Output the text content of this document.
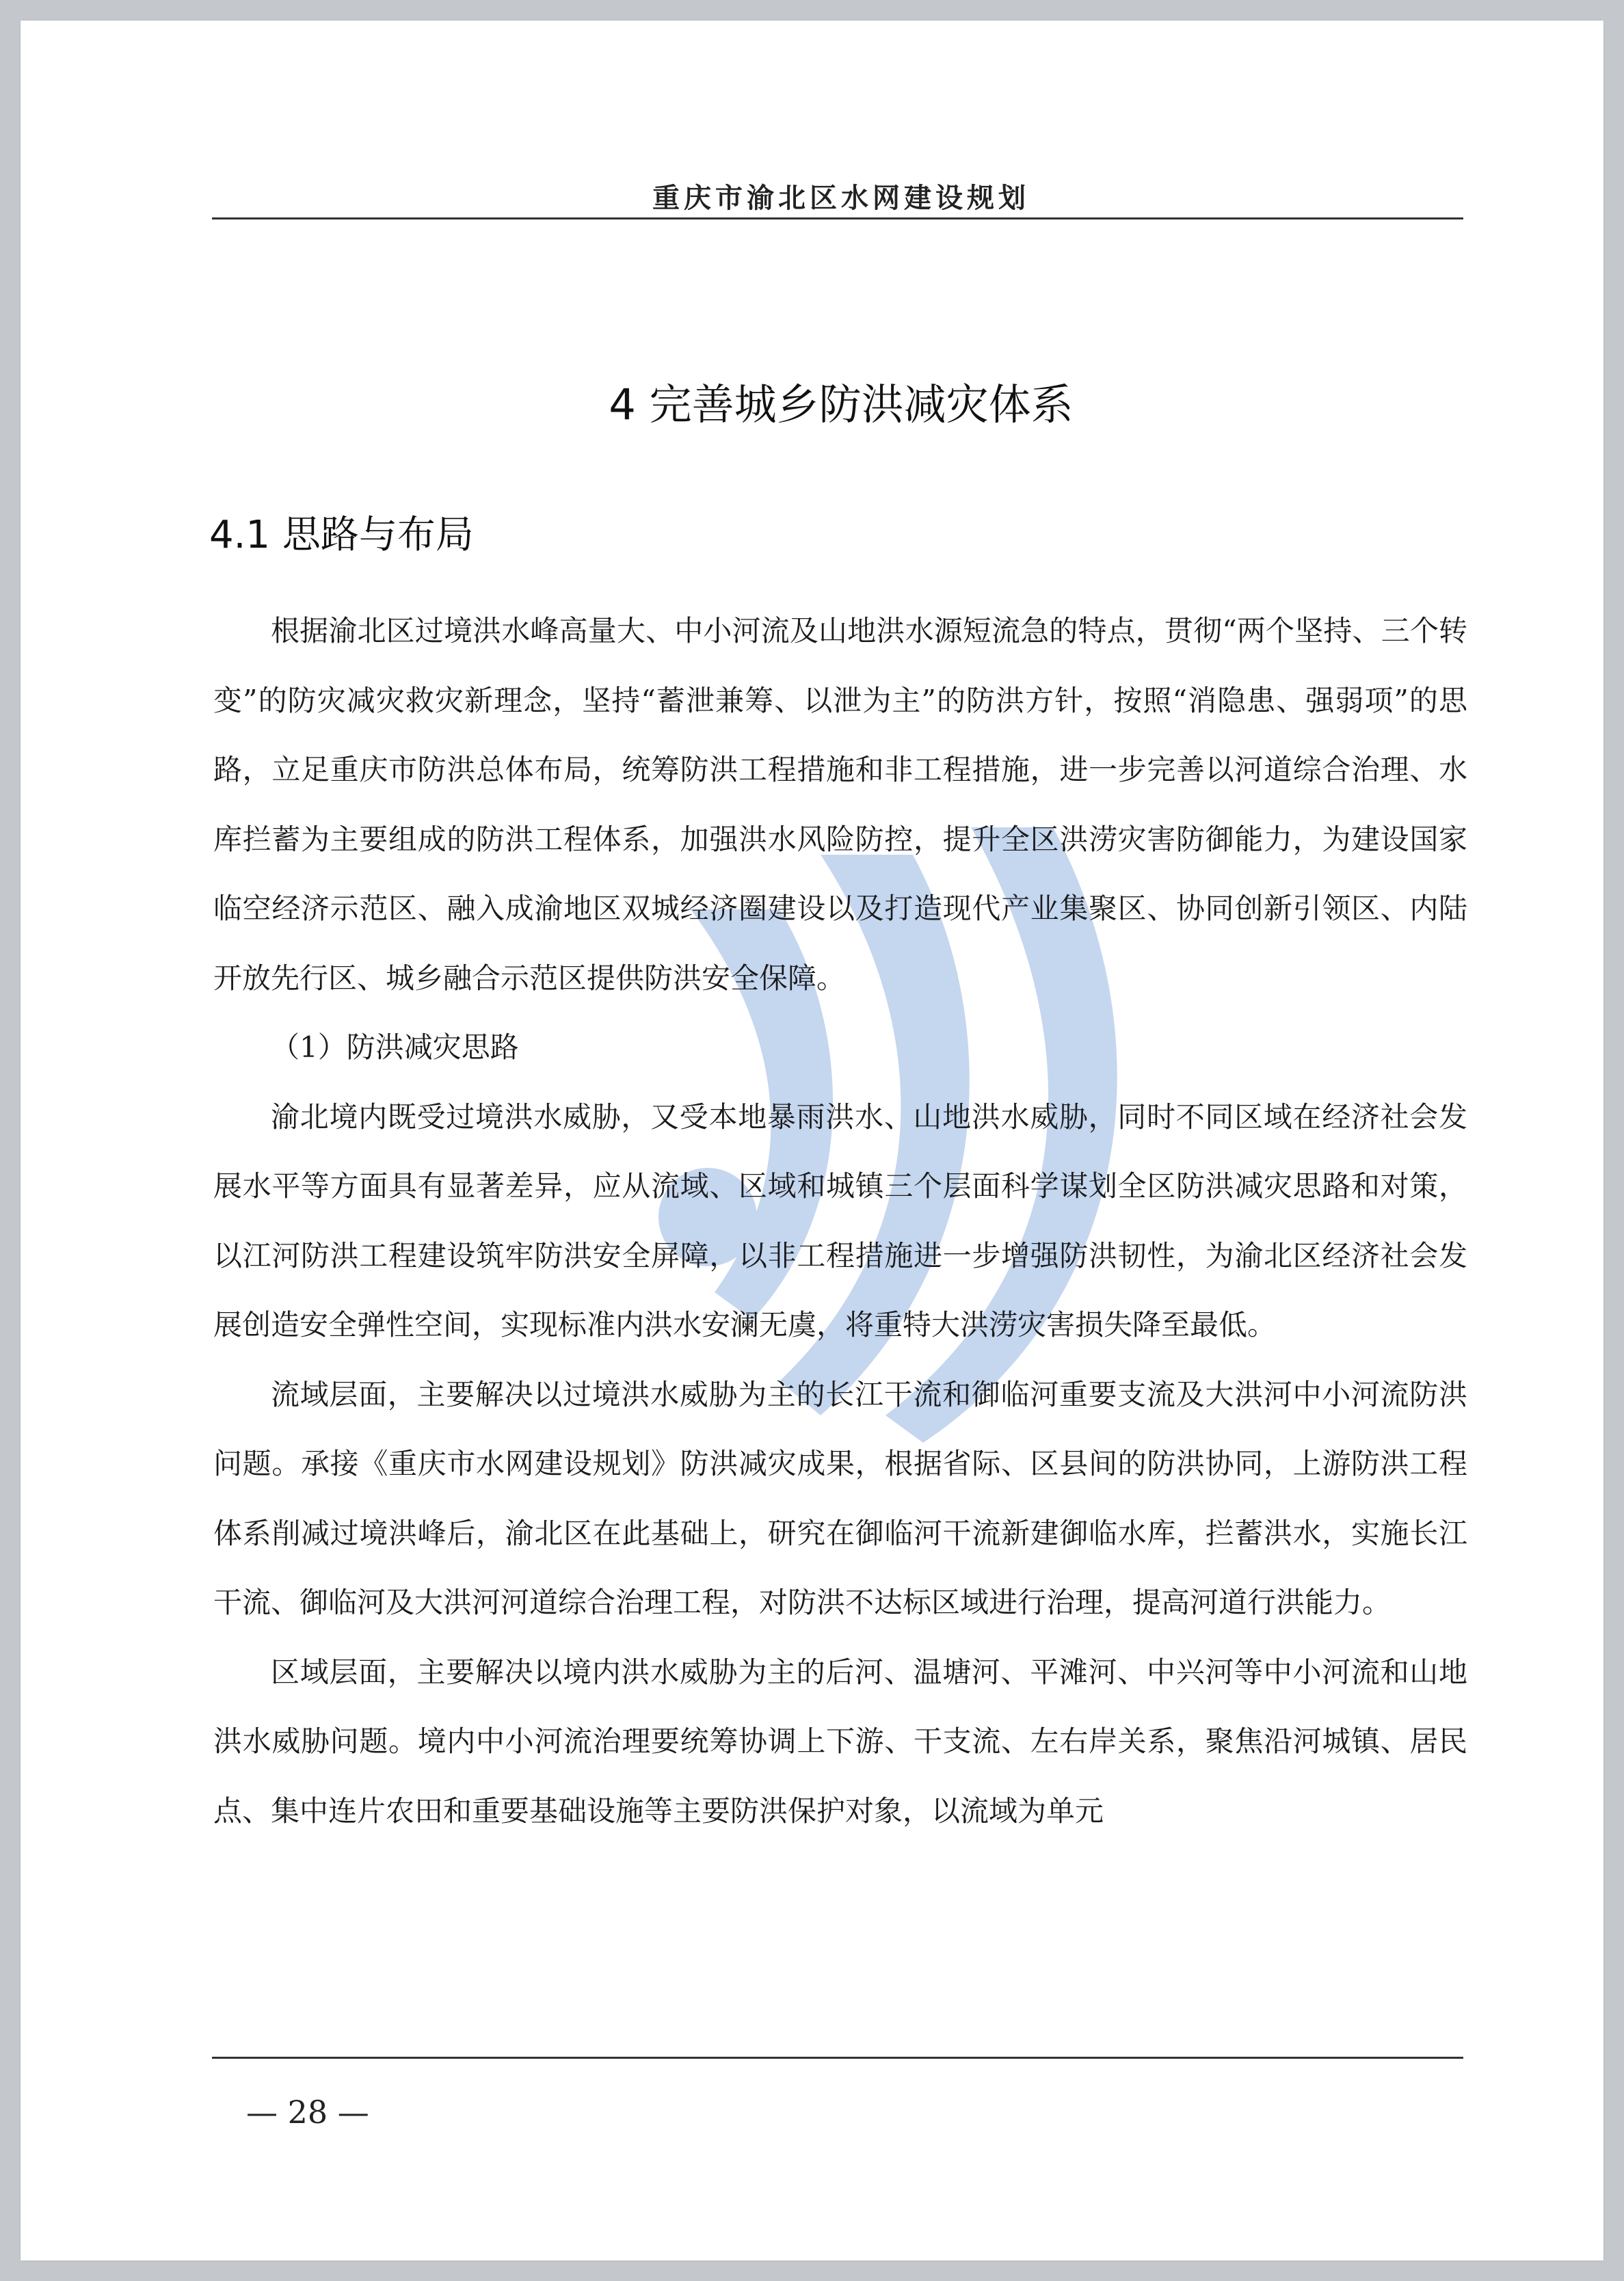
重庆市渝北区水网建设规划
4 完善城乡防洪减灾体系
4.1 思路与布局

根据渝北区过境洪水峰高量大、中小河流及山地洪水源短流急的特点，贯彻“两个坚持、三个转变”的防灾减灾救灾新理念，坚持“蓄泄兼筹、以泄为主”的防洪方针，按照“消隐患、强弱项”的思路，立足重庆市防洪总体布局，统筹防洪工程措施和非工程措施，进一步完善以河道综合治理、水库拦蓄为主要组成的防洪工程体系，加强洪水风险防控，提升全区洪涝灾害防御能力，为建设国家临空经济示范区、融入成渝地区双城经济圈建设以及打造现代产业集聚区、协同创新引领区、内陆开放先行区、城乡融合示范区提供防洪安全保障。

（1）防洪减灾思路

渝北境内既受过境洪水威胁，又受本地暴雨洪水、山地洪水威胁，同时不同区域在经济社会发展水平等方面具有显著差异，应从流域、区域和城镇三个层面科学谋划全区防洪减灾思路和对策，以江河防洪工程建设筑牢防洪安全屏障，以非工程措施进一步增强防洪韧性，为渝北区经济社会发展创造安全弹性空间，实现标准内洪水安澜无虞，将重特大洪涝灾害损失降至最低。

流域层面，主要解决以过境洪水威胁为主的长江干流和御临河重要支流及大洪河中小河流防洪问题。承接《重庆市水网建设规划》防洪减灾成果，根据省际、区县间的防洪协同，上游防洪工程体系削减过境洪峰后，渝北区在此基础上，研究在御临河干流新建御临水库，拦蓄洪水，实施长江干流、御临河及大洪河河道综合治理工程，对防洪不达标区域进行治理，提高河道行洪能力。

区域层面，主要解决以境内洪水威胁为主的后河、温塘河、平滩河、中兴河等中小河流和山地洪水威胁问题。境内中小河流治理要统筹协调上下游、干支流、左右岸关系，聚焦沿河城镇、居民点、集中连片农田和重要基础设施等主要防洪保护对象，以流域为单元

— 28 —
